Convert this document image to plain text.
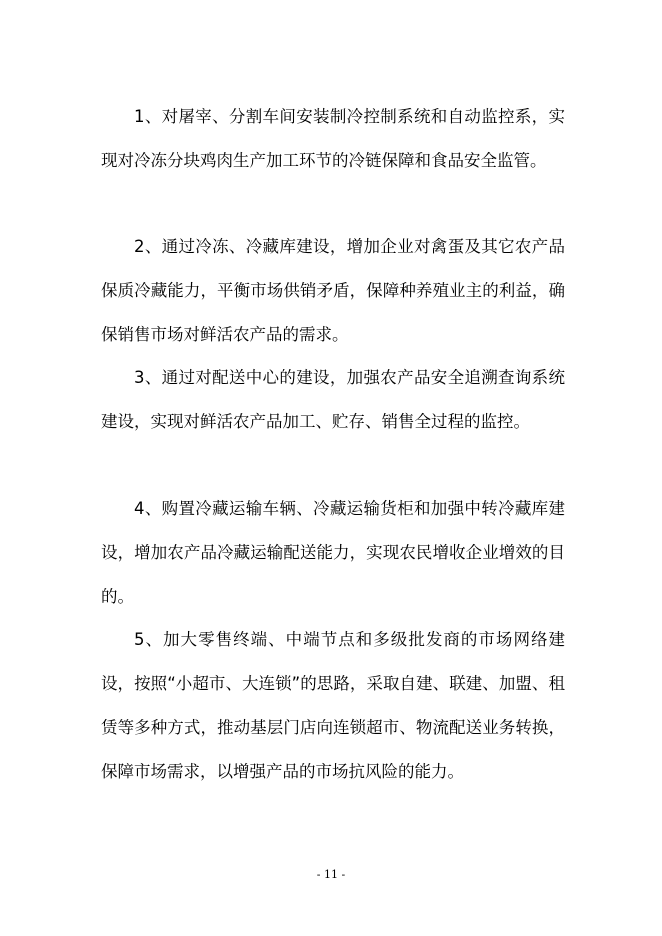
1、对屠宰、分割车间安装制冷控制系统和自动监控系，实现对冷冻分块鸡肉生产加工环节的冷链保障和食品安全监管。

2、通过冷冻、冷藏库建设，增加企业对禽蛋及其它农产品保质冷藏能力，平衡市场供销矛盾，保障种养殖业主的利益，确保销售市场对鲜活农产品的需求。

3、通过对配送中心的建设，加强农产品安全追溯查询系统建设，实现对鲜活农产品加工、贮存、销售全过程的监控。

4、购置冷藏运输车辆、冷藏运输货柜和加强中转冷藏库建设，增加农产品冷藏运输配送能力，实现农民增收企业增效的目的。

5、加大零售终端、中端节点和多级批发商的市场网络建设，按照“小超市、大连锁”的思路，采取自建、联建、加盟、租赁等多种方式，推动基层门店向连锁超市、物流配送业务转换，保障市场需求，以增强产品的市场抗风险的能力。

- 11 -
